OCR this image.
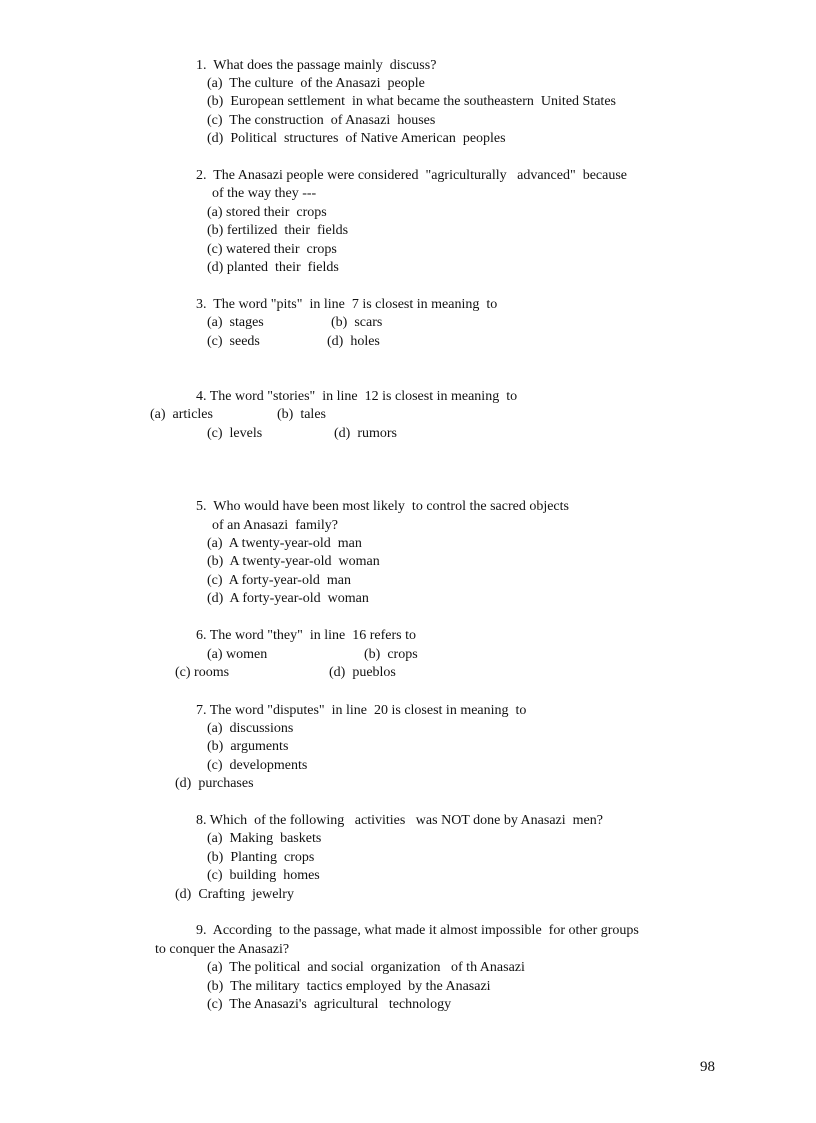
1.  What does the passage mainly  discuss?
(a)  The culture  of the Anasazi  people
(b)  European settlement  in what became the southeastern  United States
(c)  The construction  of Anasazi  houses
(d)  Political  structures  of Native American  peoples
2.  The Anasazi people were considered  "agriculturally   advanced"  because
of the way they ---
(a) stored their  crops
(b) fertilized  their  fields
(c) watered their  crops
(d) planted  their  fields
3.  The word "pits"  in line  7 is closest in meaning  to
(a)  stages	(b)  scars
(c)  seeds	(d)  holes
4. The word "stories"  in line  12 is closest in meaning  to
(a)  articles	(b)  tales
(c)  levels	(d)  rumors
5.  Who would have been most likely  to control the sacred objects
of an Anasazi  family?
(a)  A twenty-year-old  man
(b)  A twenty-year-old  woman
(c)  A forty-year-old  man
(d)  A forty-year-old  woman
6. The word "they"  in line  16 refers to
(a) women	(b)  crops
(c) rooms	(d)  pueblos
7. The word "disputes"  in line  20 is closest in meaning  to
(a)  discussions
(b)  arguments
(c)  developments
(d)  purchases
8. Which  of the following   activities   was NOT done by Anasazi  men?
(a)  Making  baskets
(b)  Planting  crops
(c)  building  homes
(d)  Crafting  jewelry
9.  According  to the passage, what made it almost impossible  for other groups
to conquer the Anasazi?
(a)  The political  and social  organization   of th Anasazi
(b)  The military  tactics employed  by the Anasazi
(c)  The Anasazi's  agricultural   technology
98
